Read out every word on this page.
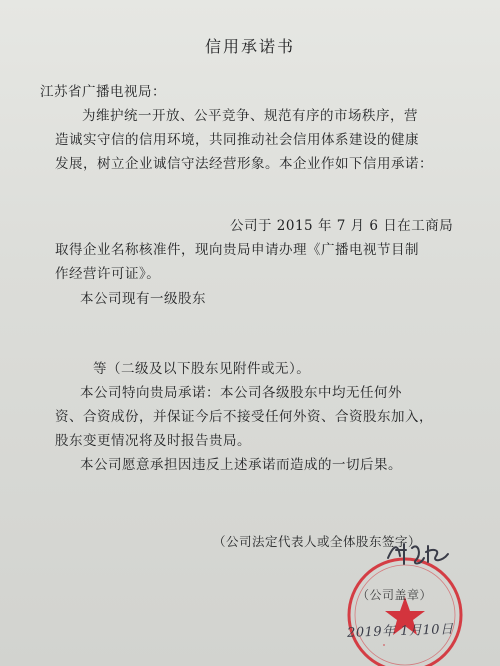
信用承诺书
江苏省广播电视局：
为维护统一开放、公平竞争、规范有序的市场秩序，营
造诚实守信的信用环境，共同推动社会信用体系建设的健康
发展，树立企业诚信守法经营形象。本企业作如下信用承诺：
公司于 2015 年 7 月 6 日在工商局
取得企业名称核准件，现向贵局申请办理《广播电视节目制
作经营许可证》。
本公司现有一级股东
等（二级及以下股东见附件或无）。
本公司特向贵局承诺：本公司各级股东中均无任何外
资、合资成份，并保证今后不接受任何外资、合资股东加入，
股东变更情况将及时报告贵局。
本公司愿意承担因违反上述承诺而造成的一切后果。
（公司法定代表人或全体股东签字）

（公司盖章）
2019年 1月10日
